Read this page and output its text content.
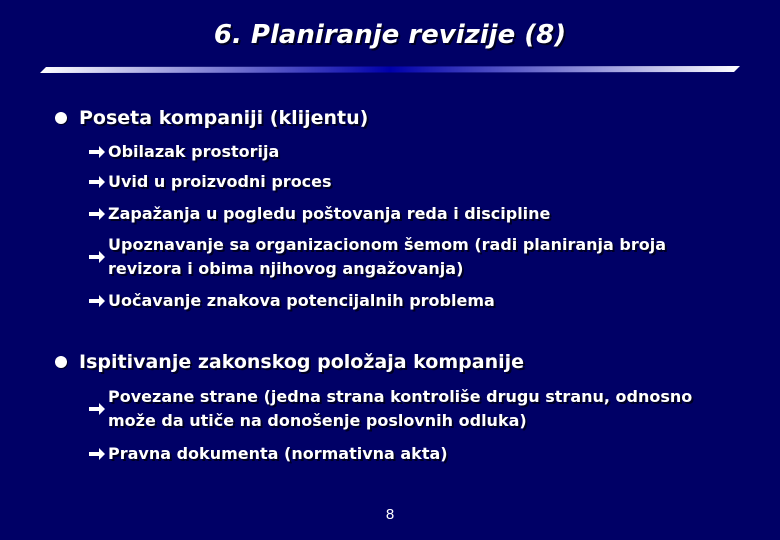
6. Planiranje revizije (8)
Poseta kompaniji (klijentu)
Obilazak prostorija
Uvid u proizvodni proces
Zapažanja u pogledu poštovanja reda i discipline
Upoznavanje sa organizacionom šemom (radi planiranja broja revizora i obima njihovog angažovanja)
Uočavanje znakova potencijalnih problema
Ispitivanje zakonskog položaja kompanije
Povezane strane (jedna strana kontroliše drugu stranu, odnosno može da utiče na donošenje poslovnih odluka)
Pravna dokumenta (normativna akta)
8
